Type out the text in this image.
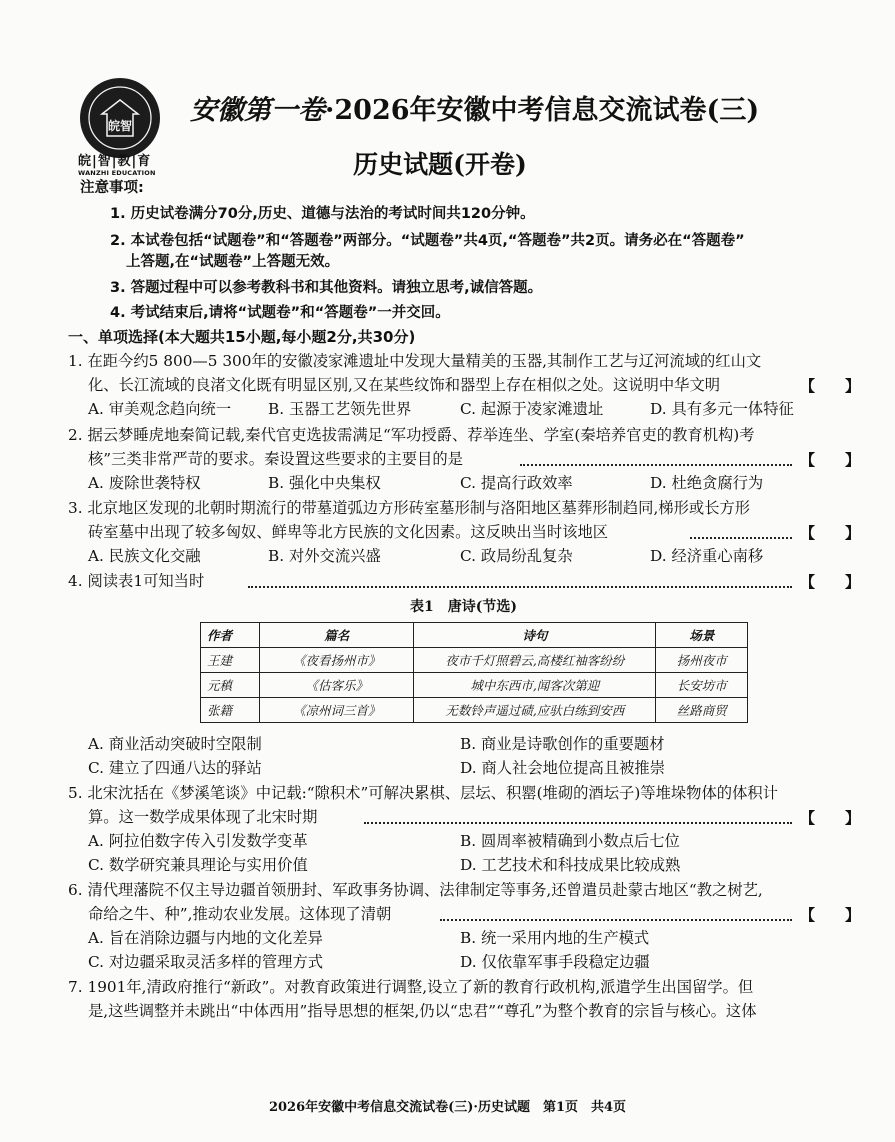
皖智
皖|智|教|育
WANZHI EDUCATION
安徽第一卷·2026年安徽中考信息交流试卷(三)
历史试题(开卷)
注意事项:
1. 历史试卷满分70分,历史、道德与法治的考试时间共120分钟。
2. 本试卷包括“试题卷”和“答题卷”两部分。“试题卷”共4页,“答题卷”共2页。请务必在“答题卷”
上答题,在“试题卷”上答题无效。
3. 答题过程中可以参考教科书和其他资料。请独立思考,诚信答题。
4. 考试结束后,请将“试题卷”和“答题卷”一并交回。
一、单项选择(本大题共15小题,每小题2分,共30分)
1. 在距今约5 800—5 300年的安徽凌家滩遗址中发现大量精美的玉器,其制作工艺与辽河流域的红山文
化、长江流域的良渚文化既有明显区别,又在某些纹饰和器型上存在相似之处。这说明中华文明	【　　】
A. 审美观念趋向统一 B. 玉器工艺领先世界	C. 起源于凌家滩遗址	D. 具有多元一体特征
2. 据云梦睡虎地秦简记载,秦代官吏选拔需满足“军功授爵、荐举连坐、学室(秦培养官吏的教育机构)考
核”三类非常严苛的要求。秦设置这些要求的主要目的是	【　　】
A. 废除世袭特权	B. 强化中央集权	C. 提高行政效率	D. 杜绝贪腐行为
3. 北京地区发现的北朝时期流行的带墓道弧边方形砖室墓形制与洛阳地区墓葬形制趋同,梯形或长方形
砖室墓中出现了较多匈奴、鲜卑等北方民族的文化因素。这反映出当时该地区	【　　】
A. 民族文化交融	B. 对外交流兴盛	C. 政局纷乱复杂	D. 经济重心南移
4. 阅读表1可知当时	【　　】
表1　唐诗(节选)
作者	篇名	诗句	场景
王建	《夜看扬州市》	夜市千灯照碧云,高楼红袖客纷纷	扬州夜市
元稹	《估客乐》	城中东西市,闻客次第迎	长安坊市
张籍	《凉州词三首》	无数铃声遥过碛,应驮白练到安西	丝路商贸
A. 商业活动突破时空限制	B. 商业是诗歌创作的重要题材
C. 建立了四通八达的驿站	D. 商人社会地位提高且被推崇
5. 北宋沈括在《梦溪笔谈》中记载:“隙积术”可解决累棋、层坛、积罂(堆砌的酒坛子)等堆垛物体的体积计
算。这一数学成果体现了北宋时期	【　　】
A. 阿拉伯数字传入引发数学变革	B. 圆周率被精确到小数点后七位
C. 数学研究兼具理论与实用价值	D. 工艺技术和科技成果比较成熟
6. 清代理藩院不仅主导边疆首领册封、军政事务协调、法律制定等事务,还曾遣员赴蒙古地区“教之树艺,
命给之牛、种”,推动农业发展。这体现了清朝	【　　】
A. 旨在消除边疆与内地的文化差异	B. 统一采用内地的生产模式
C. 对边疆采取灵活多样的管理方式	D. 仅依靠军事手段稳定边疆
7. 1901年,清政府推行“新政”。对教育政策进行调整,设立了新的教育行政机构,派遣学生出国留学。但
是,这些调整并未跳出“中体西用”指导思想的框架,仍以“忠君”“尊孔”为整个教育的宗旨与核心。这体
2026年安徽中考信息交流试卷(三)·历史试题　第1页　共4页
